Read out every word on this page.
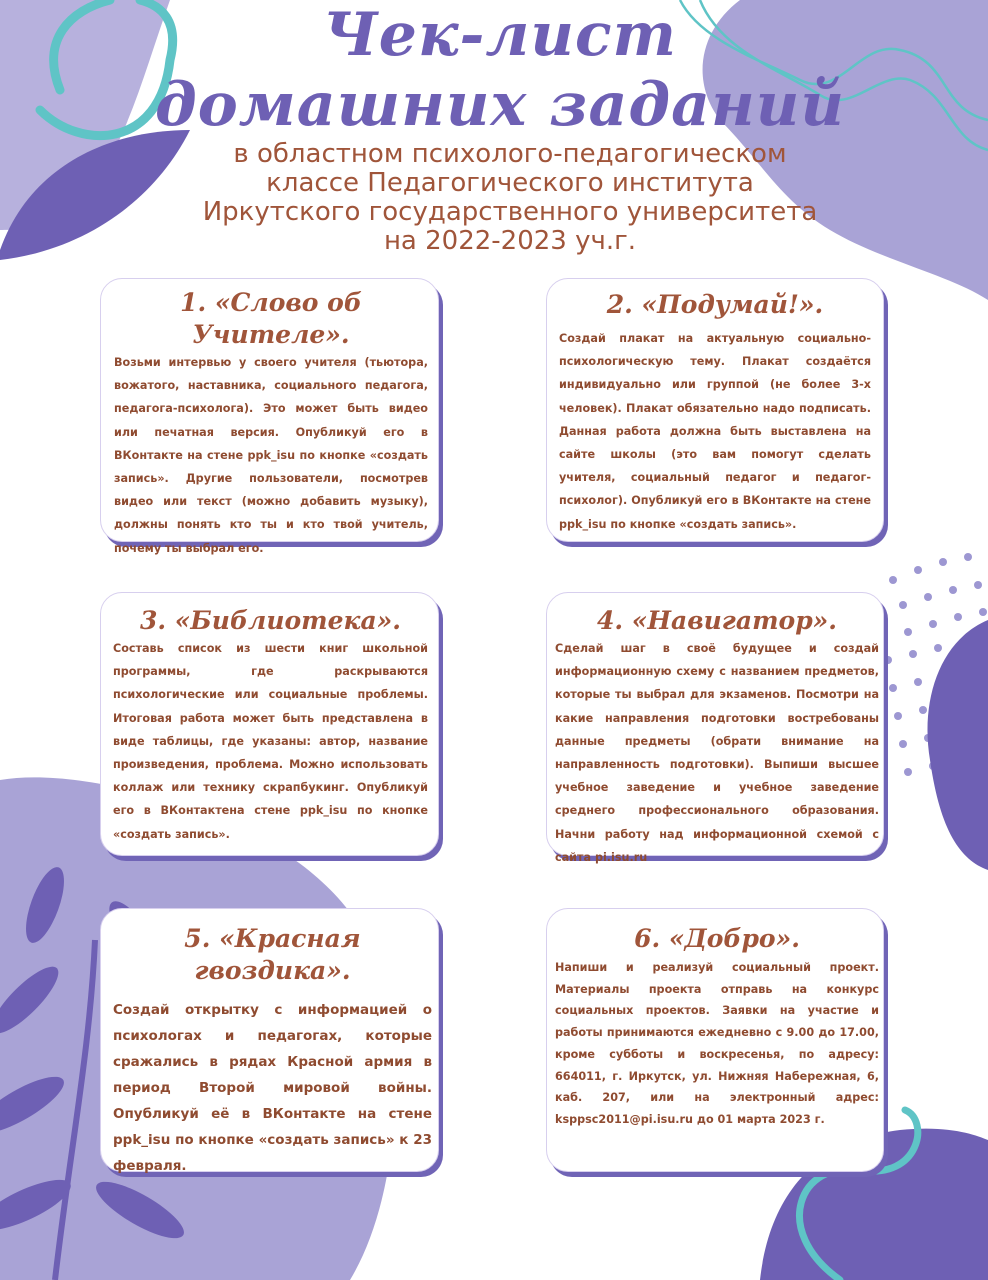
Чек-лист домашних заданий
в областном психолого-педагогическом классе Педагогического института Иркутского государственного университета на 2022-2023 уч.г.
1. «Слово об Учителе».

Возьми интервью у своего учителя (тьютора, вожатого, наставника, социального педагога, педагога-психолога). Это может быть видео или печатная версия. Опубликуй его в ВКонтакте на стене ppk_isu по кнопке «создать запись». Другие пользователи, посмотрев видео или текст (можно добавить музыку), должны понять кто ты и кто твой учитель, почему ты выбрал его.

2. «Подумай!».

Создай плакат на актуальную социально-психологическую тему. Плакат создаётся индивидуально или группой (не более 3-х человек). Плакат обязательно надо подписать. Данная работа должна быть выставлена на сайте школы (это вам помогут сделать учителя, социальный педагог и педагог-психолог). Опубликуй его в ВКонтакте на стене ppk_isu по кнопке «создать запись».

3. «Библиотека».

Составь список из шести книг школьной программы, где раскрываются психологические или социальные проблемы. Итоговая работа может быть представлена в виде таблицы, где указаны: автор, название произведения, проблема. Можно использовать коллаж или технику скрапбукинг. Опубликуй его в ВКонтактена стене ppk_isu по кнопке «создать запись».

4. «Навигатор».

Сделай шаг в своё будущее и создай информационную схему с названием предметов, которые ты выбрал для экзаменов. Посмотри на какие направления подготовки востребованы данные предметы (обрати внимание на направленность подготовки). Выпиши высшее учебное заведение и учебное заведение среднего профессионального образования. Начни работу над информационной схемой с сайта pi.isu.ru

5. «Красная гвоздика».

Создай открытку с информацией о психологах и педагогах, которые сражались в рядах Красной армия в период Второй мировой войны. Опубликуй её в ВКонтакте на стене ppk_isu по кнопке «создать запись» к 23 февраля.

6. «Добро».

Напиши и реализуй социальный проект. Материалы проекта отправь на конкурс социальных проектов. Заявки на участие и работы принимаются ежедневно с 9.00 до 17.00, кроме субботы и воскресенья, по адресу: 664011, г. Иркутск, ул. Нижняя Набережная, 6, каб. 207, или на электронный адрес: ksppsc2011@pi.isu.ru до 01 марта 2023 г.
